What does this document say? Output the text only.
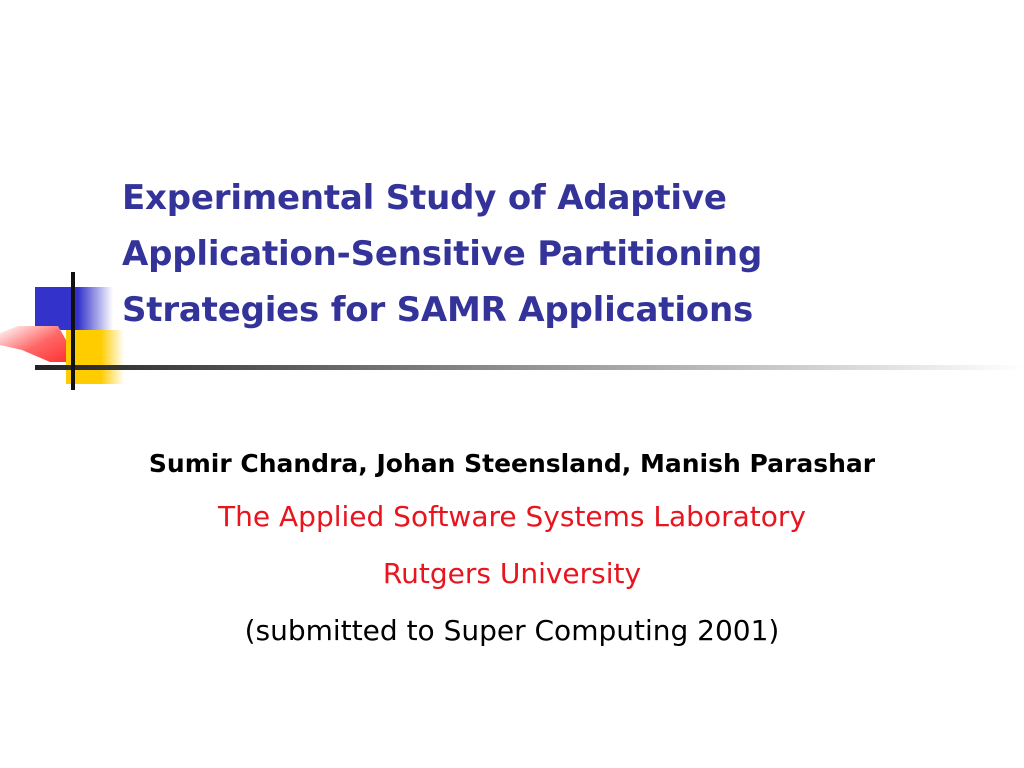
Experimental Study of Adaptive
Application-Sensitive Partitioning
Strategies for SAMR Applications
Sumir Chandra, Johan Steensland, Manish Parashar
The Applied Software Systems Laboratory
Rutgers University
(submitted to Super Computing 2001)
